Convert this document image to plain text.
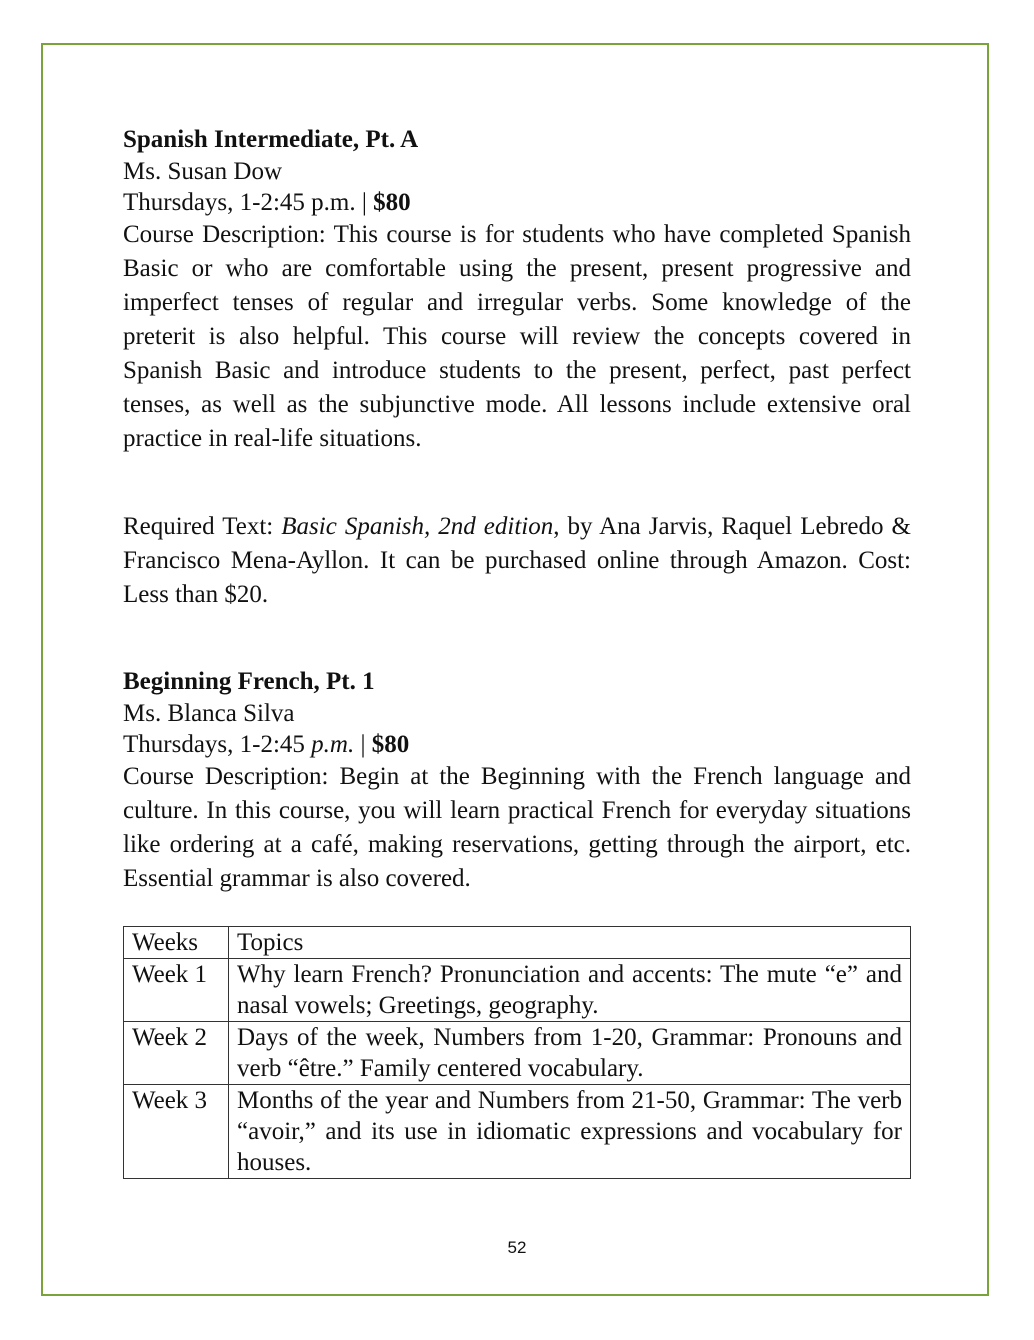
Spanish Intermediate, Pt. A
Ms. Susan Dow
Thursdays, 1-2:45 p.m. | $80

Course Description: This course is for students who have completed Spanish Basic or who are comfortable using the present, present progressive and imperfect tenses of regular and irregular verbs. Some knowledge of the preterit is also helpful. This course will review the concepts covered in Spanish Basic and introduce students to the present, perfect, past perfect tenses, as well as the subjunctive mode. All lessons include extensive oral practice in real-life situations.

Required Text: Basic Spanish, 2nd edition, by Ana Jarvis, Raquel Lebredo & Francisco Mena-Ayllon. It can be purchased online through Amazon. Cost: Less than $20.

Beginning French, Pt. 1
Ms. Blanca Silva
Thursdays, 1-2:45 p.m. | $80

Course Description: Begin at the Beginning with the French language and culture. In this course, you will learn practical French for everyday situations like ordering at a café, making reservations, getting through the airport, etc. Essential grammar is also covered.

Weeks	Topics
Week 1	Why learn French? Pronunciation and accents: The mute “e” and nasal vowels; Greetings, geography.
Week 2	Days of the week, Numbers from 1-20, Grammar: Pronouns and verb “être.” Family centered vocabulary.
Week 3	Months of the year and Numbers from 21-50, Grammar: The verb “avoir,” and its use in idiomatic expressions and vocabulary for houses.
52
